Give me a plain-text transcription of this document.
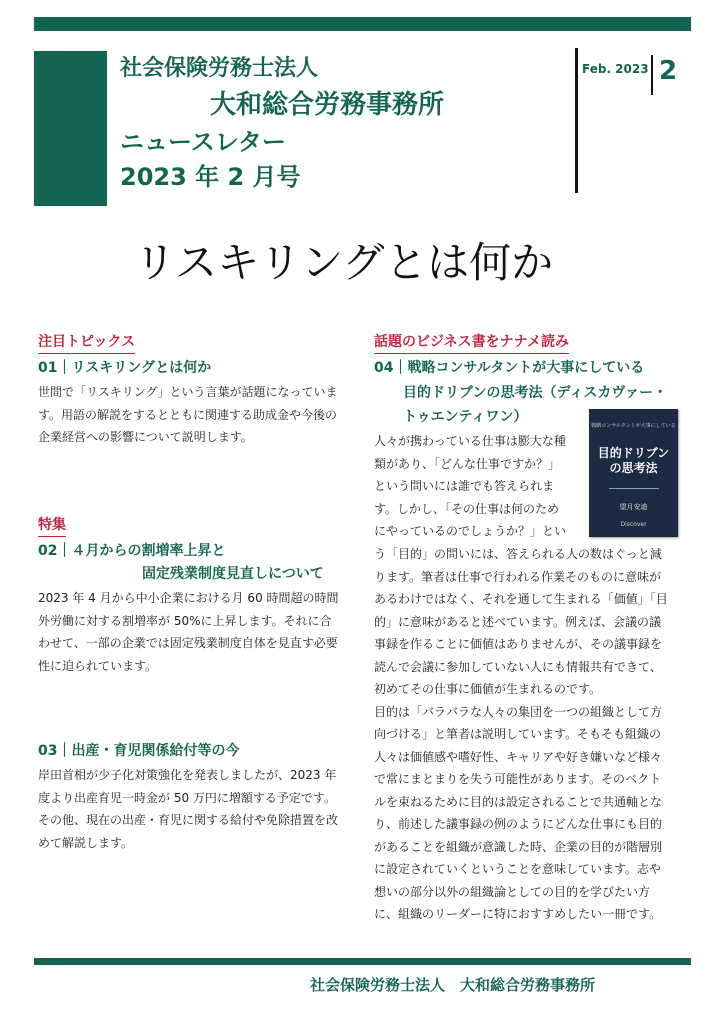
社会保険労務士法人
大和総合労務事務所
ニュースレター
2023 年 2 月号
Feb. 2023 2
リスキリングとは何か
注目トピックス
01｜リスキリングとは何か

世間で「リスキリング」という言葉が話題になっていま

す。用語の解説をするとともに関連する助成金や今後の

企業経営への影響について説明します。

特集
02｜４月からの割増率上昇と
固定残業制度見直しについて

2023 年 4 月から中小企業における月 60 時間超の時間

外労働に対する割増率が 50%に上昇します。それに合

わせて、一部の企業では固定残業制度自体を見直す必要

性に迫られています。

03｜出産・育児関係給付等の今

岸田首相が少子化対策強化を発表しましたが、2023 年

度より出産育児一時金が 50 万円に増額する予定です。

その他、現在の出産・育児に関する給付や免除措置を改

めて解説します。

話題のビジネス書をナナメ読み
04｜戦略コンサルタントが大事にしている
目的ドリブンの思考法（ディスカヴァー・
トゥエンティワン）
戦略コンサルタントが大事にしている
目的ドリブン
の思考法
望月安迪
Discover

人々が携わっている仕事は膨大な種

類があり、「どんな仕事ですか？」

という問いには誰でも答えられま

す。しかし、「その仕事は何のため

にやっているのでしょうか？」とい

う「目的」の問いには、答えられる人の数はぐっと減

ります。筆者は仕事で行われる作業そのものに意味が

あるわけではなく、それを通して生まれる「価値」「目

的」に意味があると述べています。例えば、会議の議

事録を作ることに価値はありませんが、その議事録を

読んで会議に参加していない人にも情報共有できて、

初めてその仕事に価値が生まれるのです。

目的は「バラバラな人々の集団を一つの組織として方

向づける」と筆者は説明しています。そもそも組織の

人々は価値感や嗜好性、キャリアや好き嫌いなど様々

で常にまとまりを失う可能性があります。そのベクト

ルを束ねるために目的は設定されることで共通軸とな

り、前述した議事録の例のようにどんな仕事にも目的

があることを組織が意識した時、企業の目的が階層別

に設定されていくということを意味しています。志や

想いの部分以外の組織論としての目的を学びたい方

に、組織のリーダーに特におすすめしたい一冊です。

社会保険労務士法人　大和総合労務事務所
